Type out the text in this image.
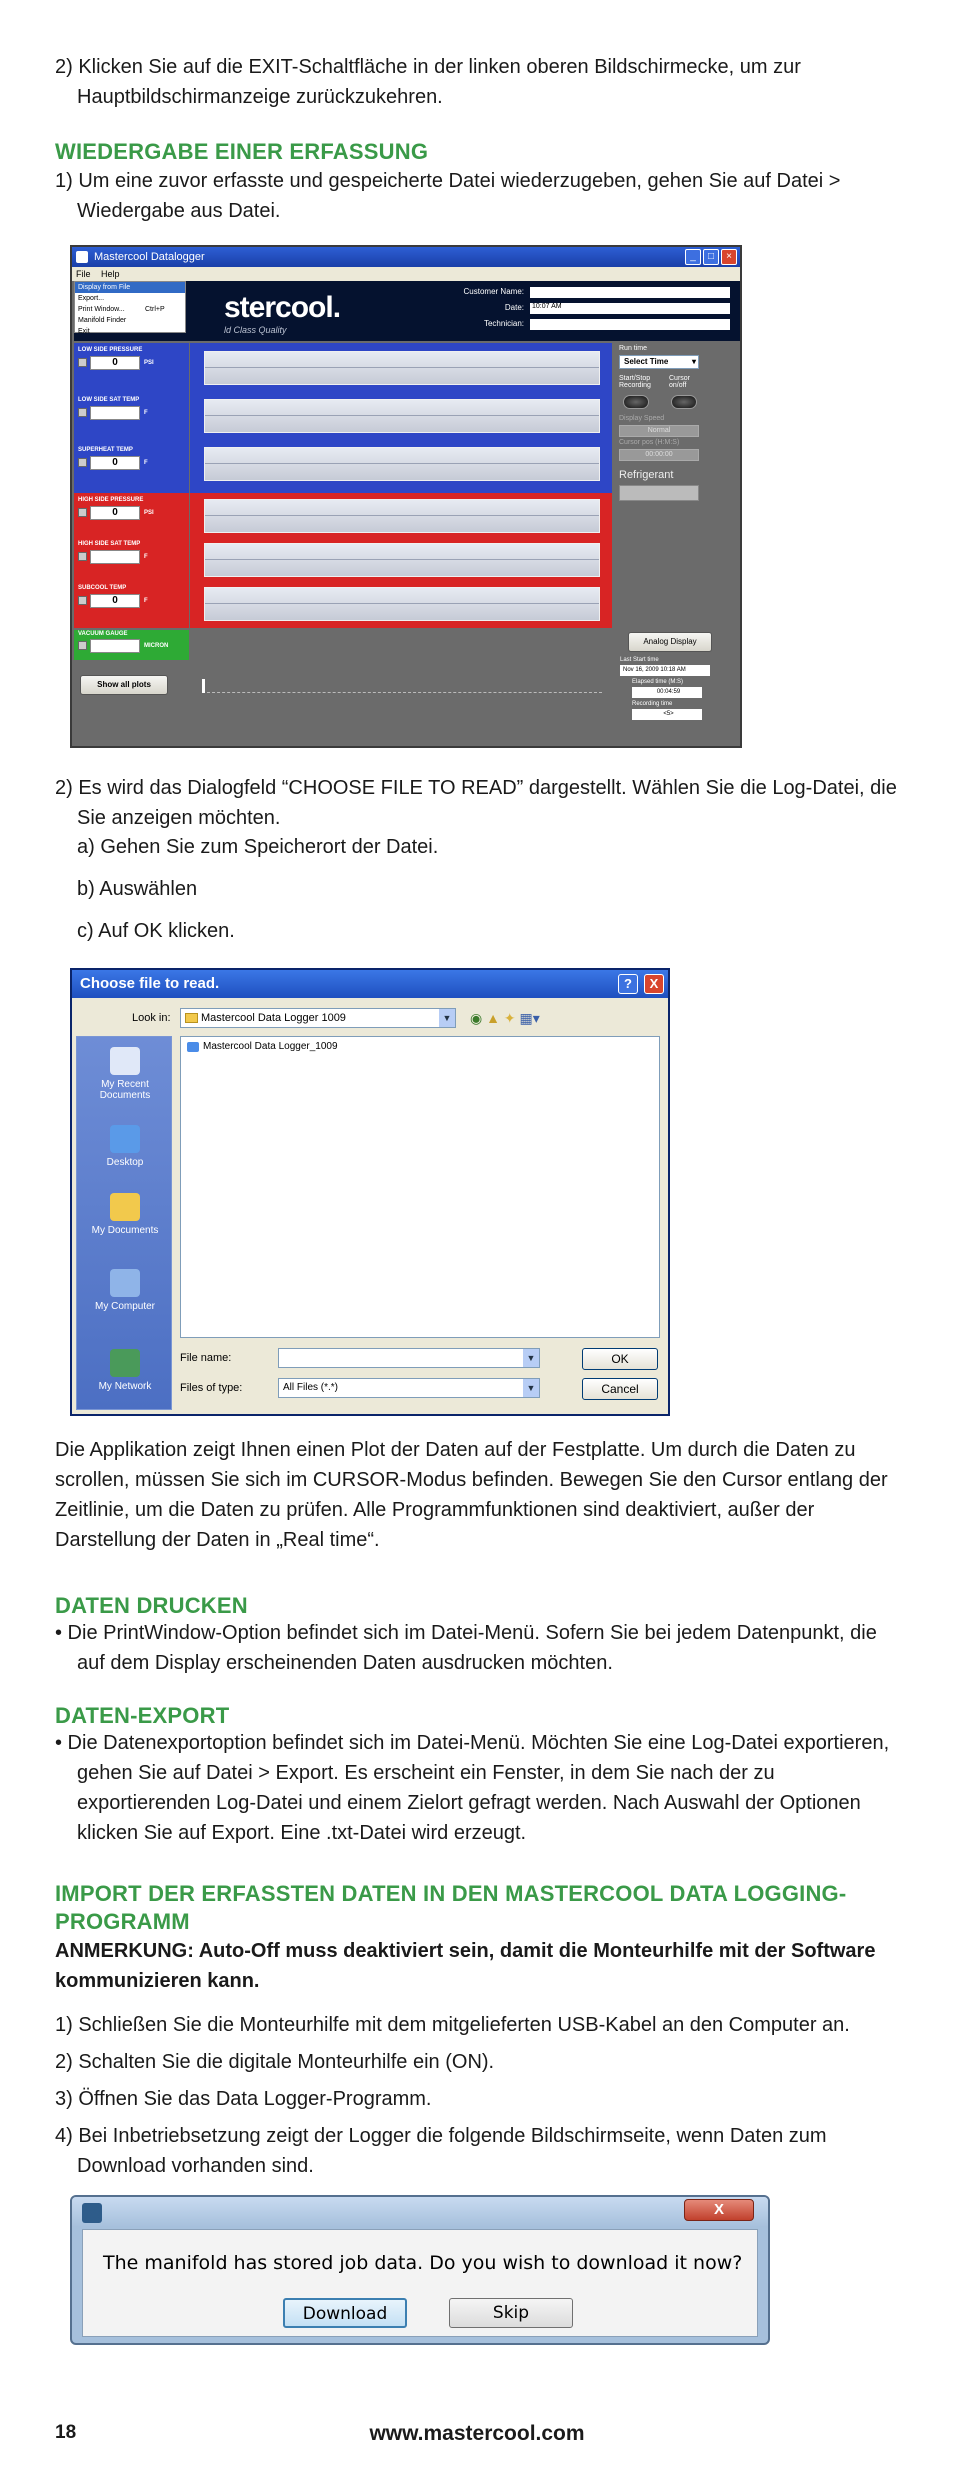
2) Klicken Sie auf die EXIT-Schaltfläche in der linken oberen Bildschirmecke, um zur Hauptbildschirmanzeige zurückzukehren.

WIEDERGABE EINER ERFASSUNG

1) Um eine zuvor erfasste und gespeicherte Datei wiederzugeben, gehen Sie auf Datei > Wiedergabe aus Datei.

Mastercool Datalogger	_	□	×
File Help
stercool.
ld Class Quality
Customer Name:
Date: 10:07 AM
Technician:
Display from File
Export...
Print Window...	Ctrl+P
Manifold Finder
Exit
LOW SIDE PRESSURE
0	PSI
LOW SIDE SAT TEMP
F
SUPERHEAT TEMP
0	F
HIGH SIDE PRESSURE
0	PSI
HIGH SIDE SAT TEMP
F
SUBCOOL TEMP
0	F
VACUUM GAUGE
MICRON
Run time
Select Time	▾
Start/Stop Recording
Cursor on/off
Display Speed
Normal
Cursor pos (H:M:S)
00:00:00
Refrigerant
Analog Display
Last Start time
Nov 16, 2009 10:18 AM
Elapsed time (M:S)
00:04:59
Recording time
<5>
Show all plots

2) Es wird das Dialogfeld “CHOOSE FILE TO READ” dargestellt. Wählen Sie die Log-Datei, die Sie anzeigen möchten.

a) Gehen Sie zum Speicherort der Datei.

b) Auswählen

c) Auf OK klicken.

Choose file to read.	?	X
Look in:	Mastercool Data Logger 1009	▼ ◉ ▲ ✦ ▦▾
My Recent Documents
Desktop
My Documents
My Computer
My Network
Mastercool Data Logger_1009
File name:	▼
Files of type:	All Files (*.*)	▼
OK
Cancel

Die Applikation zeigt Ihnen einen Plot der Daten auf der Festplatte. Um durch die Daten zu scrollen, müssen Sie sich im CURSOR-Modus befinden. Bewegen Sie den Cursor entlang der Zeitlinie, um die Daten zu prüfen. Alle Programmfunktionen sind deaktiviert, außer der Darstellung der Daten in „Real time“.

DATEN DRUCKEN

• Die PrintWindow-Option befindet sich im Datei-Menü. Sofern Sie bei jedem Datenpunkt, die auf dem Display erscheinenden Daten ausdrucken möchten.

DATEN-EXPORT

• Die Datenexportoption befindet sich im Datei-Menü. Möchten Sie eine Log-Datei exportieren, gehen Sie auf Datei > Export. Es erscheint ein Fenster, in dem Sie nach der zu exportierenden Log-Datei und einem Zielort gefragt werden. Nach Auswahl der Optionen klicken Sie auf Export. Eine .txt-Datei wird erzeugt.

IMPORT DER ERFASSTEN DATEN IN DEN MASTERCOOL DATA LOGGING-PROGRAMM

ANMERKUNG: Auto-Off muss deaktiviert sein, damit die Monteurhilfe mit der Software kommunizieren kann.

1) Schließen Sie die Monteurhilfe mit dem mitgelieferten USB-Kabel an den Computer an.

2) Schalten Sie die digitale Monteurhilfe ein (ON).

3) Öffnen Sie das Data Logger-Programm.

4) Bei Inbetriebsetzung zeigt der Logger die folgende Bildschirmseite, wenn Daten zum Download vorhanden sind.

X
The manifold has stored job data. Do you wish to download it now?
Download	Skip
18	www.mastercool.com
